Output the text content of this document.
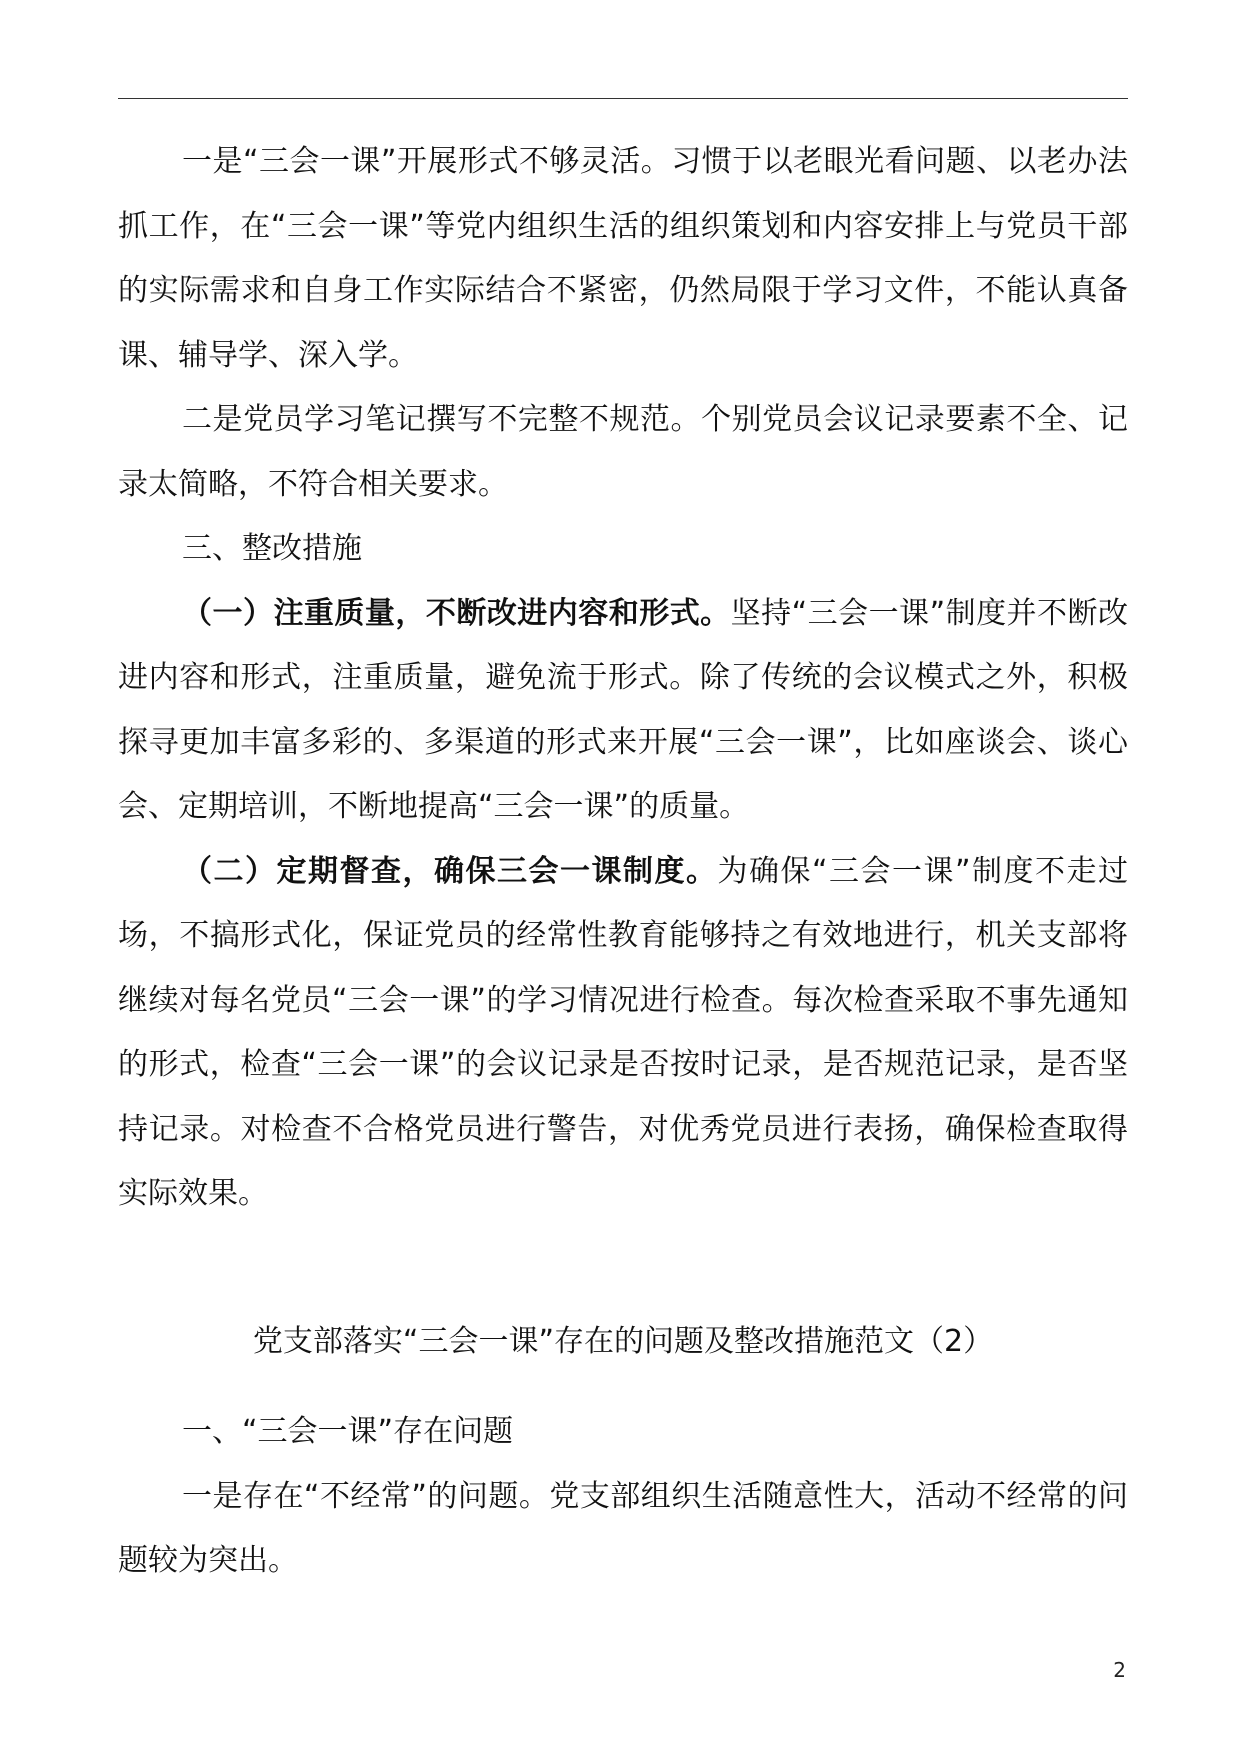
一是“三会一课”开展形式不够灵活。习惯于以老眼光看问题、以老办法抓工作，在“三会一课”等党内组织生活的组织策划和内容安排上与党员干部的实际需求和自身工作实际结合不紧密，仍然局限于学习文件，不能认真备课、辅导学、深入学。

二是党员学习笔记撰写不完整不规范。个别党员会议记录要素不全、记录太简略，不符合相关要求。

三、整改措施

（一）注重质量，不断改进内容和形式。坚持“三会一课”制度并不断改进内容和形式，注重质量，避免流于形式。除了传统的会议模式之外，积极探寻更加丰富多彩的、多渠道的形式来开展“三会一课”，比如座谈会、谈心会、定期培训，不断地提高“三会一课”的质量。

（二）定期督查，确保三会一课制度。为确保“三会一课”制度不走过场，不搞形式化，保证党员的经常性教育能够持之有效地进行，机关支部将继续对每名党员“三会一课”的学习情况进行检查。每次检查采取不事先通知的形式，检查“三会一课”的会议记录是否按时记录，是否规范记录，是否坚持记录。对检查不合格党员进行警告，对优秀党员进行表扬，确保检查取得实际效果。

党支部落实“三会一课”存在的问题及整改措施范文（2）

一、“三会一课”存在问题

一是存在“不经常”的问题。党支部组织生活随意性大，活动不经常的问题较为突出。

2
